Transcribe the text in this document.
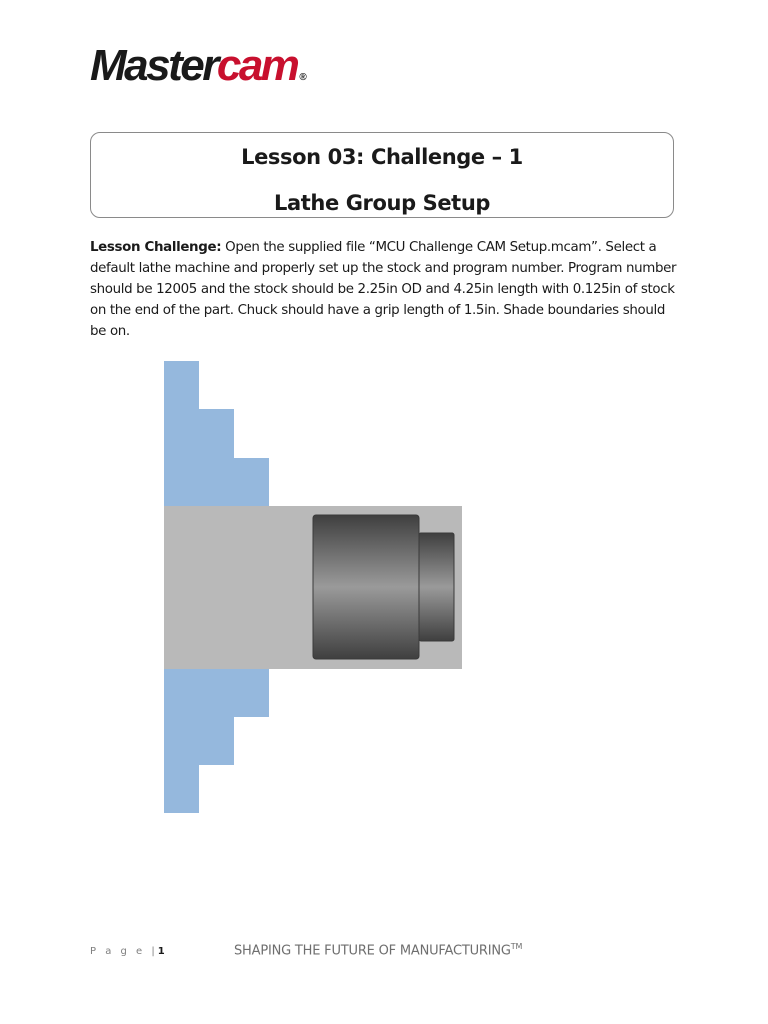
Mastercam ®
Lesson 03: Challenge – 1
Lathe Group Setup
Lesson Challenge: Open the supplied file “MCU Challenge CAM Setup.mcam”. Select a default lathe machine and properly set up the stock and program number. Program number should be 12005 and the stock should be 2.25in OD and 4.25in length with 0.125in of stock on the end of the part. Chuck should have a grip length of 1.5in. Shade boundaries should be on.
P a g e |1	SHAPING THE FUTURE OF MANUFACTURING™
